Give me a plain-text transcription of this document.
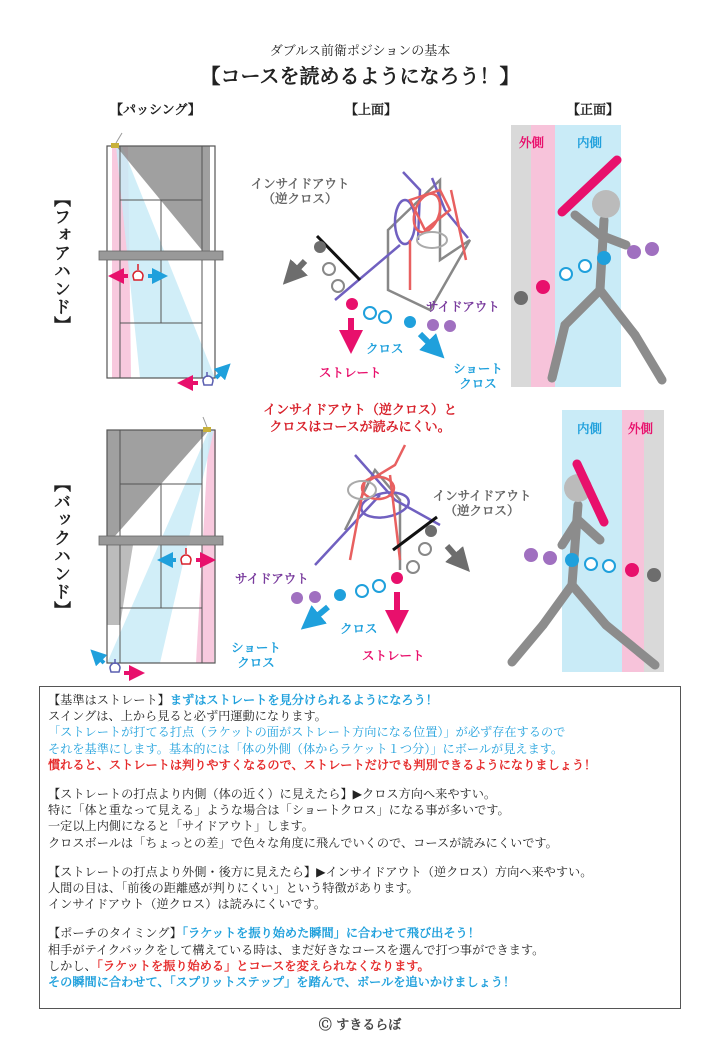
ダブルス前衛ポジションの基本
【コースを読めるようになろう！】
【パッシング】	【上面】	【正面】
【フォアハンド】
【バックハンド】
インサイドアウト
（逆クロス）
サイドアウト
クロス
ストレート	ショート
クロス
外側	内側
インサイドアウト（逆クロス）と
クロスはコースが読みにくい。
インサイドアウト
（逆クロス）
サイドアウト
クロス
ストレート
ショート
クロス
内側 外側

【基準はストレート】まずはストレートを見分けられるようになろう！

スイングは、上から見ると必ず円運動になります。

「ストレートが打てる打点（ラケットの面がストレート方向になる位置）」が必ず存在するので

それを基準にします。基本的には「体の外側（体からラケット１つ分）」にボールが見えます。

慣れると、ストレートは判りやすくなるので、ストレートだけでも判別できるようになりましょう！

【ストレートの打点より内側（体の近く）に見えたら】▶クロス方向へ来やすい。

特に「体と重なって見える」ような場合は「ショートクロス」になる事が多いです。

一定以上内側になると「サイドアウト」します。

クロスボールは「ちょっとの差」で色々な角度に飛んでいくので、コースが読みにくいです。

【ストレートの打点より外側・後方に見えたら】▶インサイドアウト（逆クロス）方向へ来やすい。

人間の目は、「前後の距離感が判りにくい」という特徴があります。

インサイドアウト（逆クロス）は読みにくいです。

【ポーチのタイミング】「ラケットを振り始めた瞬間」に合わせて飛び出そう！

相手がテイクバックをして構えている時は、まだ好きなコースを選んで打つ事ができます。

しかし、「ラケットを振り始める」とコースを変えられなくなります。

その瞬間に合わせて、「スプリットステップ」を踏んで、ボールを追いかけましょう！

Ⓒ すきるらぼ
